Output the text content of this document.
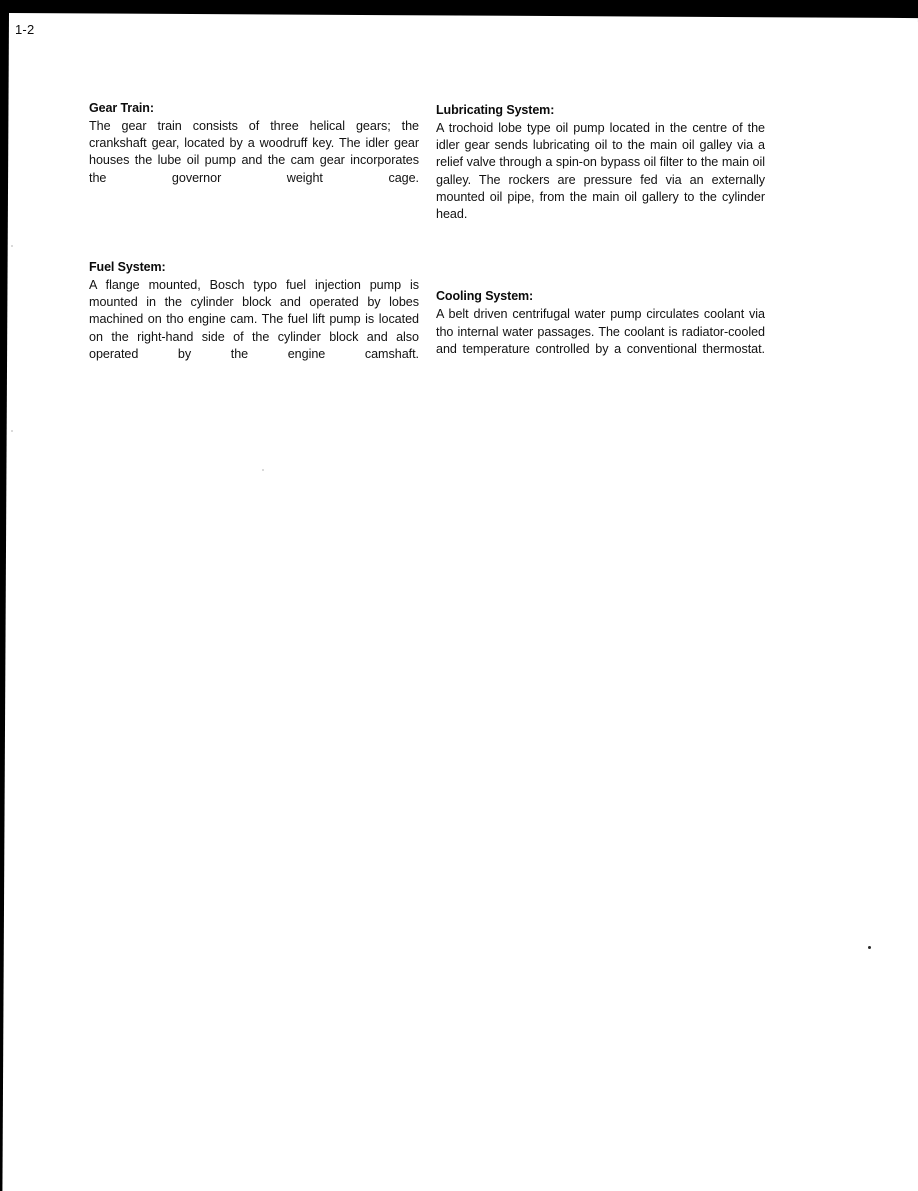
1-2
Gear Train:

The gear train consists of three helical gears; the crankshaft gear, located by a woodruff key. The idler gear houses the lube oil pump and the cam gear incorporates the governor weight cage.

Fuel System:

A flange mounted, Bosch typo fuel injection pump is mounted in the cylinder block and operated by lobes machined on tho engine cam. The fuel lift pump is located on the right-hand side of the cylinder block and also operated by the engine camshaft.

Lubricating System:

A trochoid lobe type oil pump located in the centre of the idler gear sends lubricating oil to the main oil galley via a relief valve through a spin-on bypass oil filter to the main oil galley. The rockers are pressure fed via an externally mounted oil pipe, from the main oil gallery to the cylinder head.

Cooling System:

A belt driven centrifugal water pump circulates coolant via tho internal water passages. The coolant is radiator-cooled and temperature controlled by a conventional thermostat.
